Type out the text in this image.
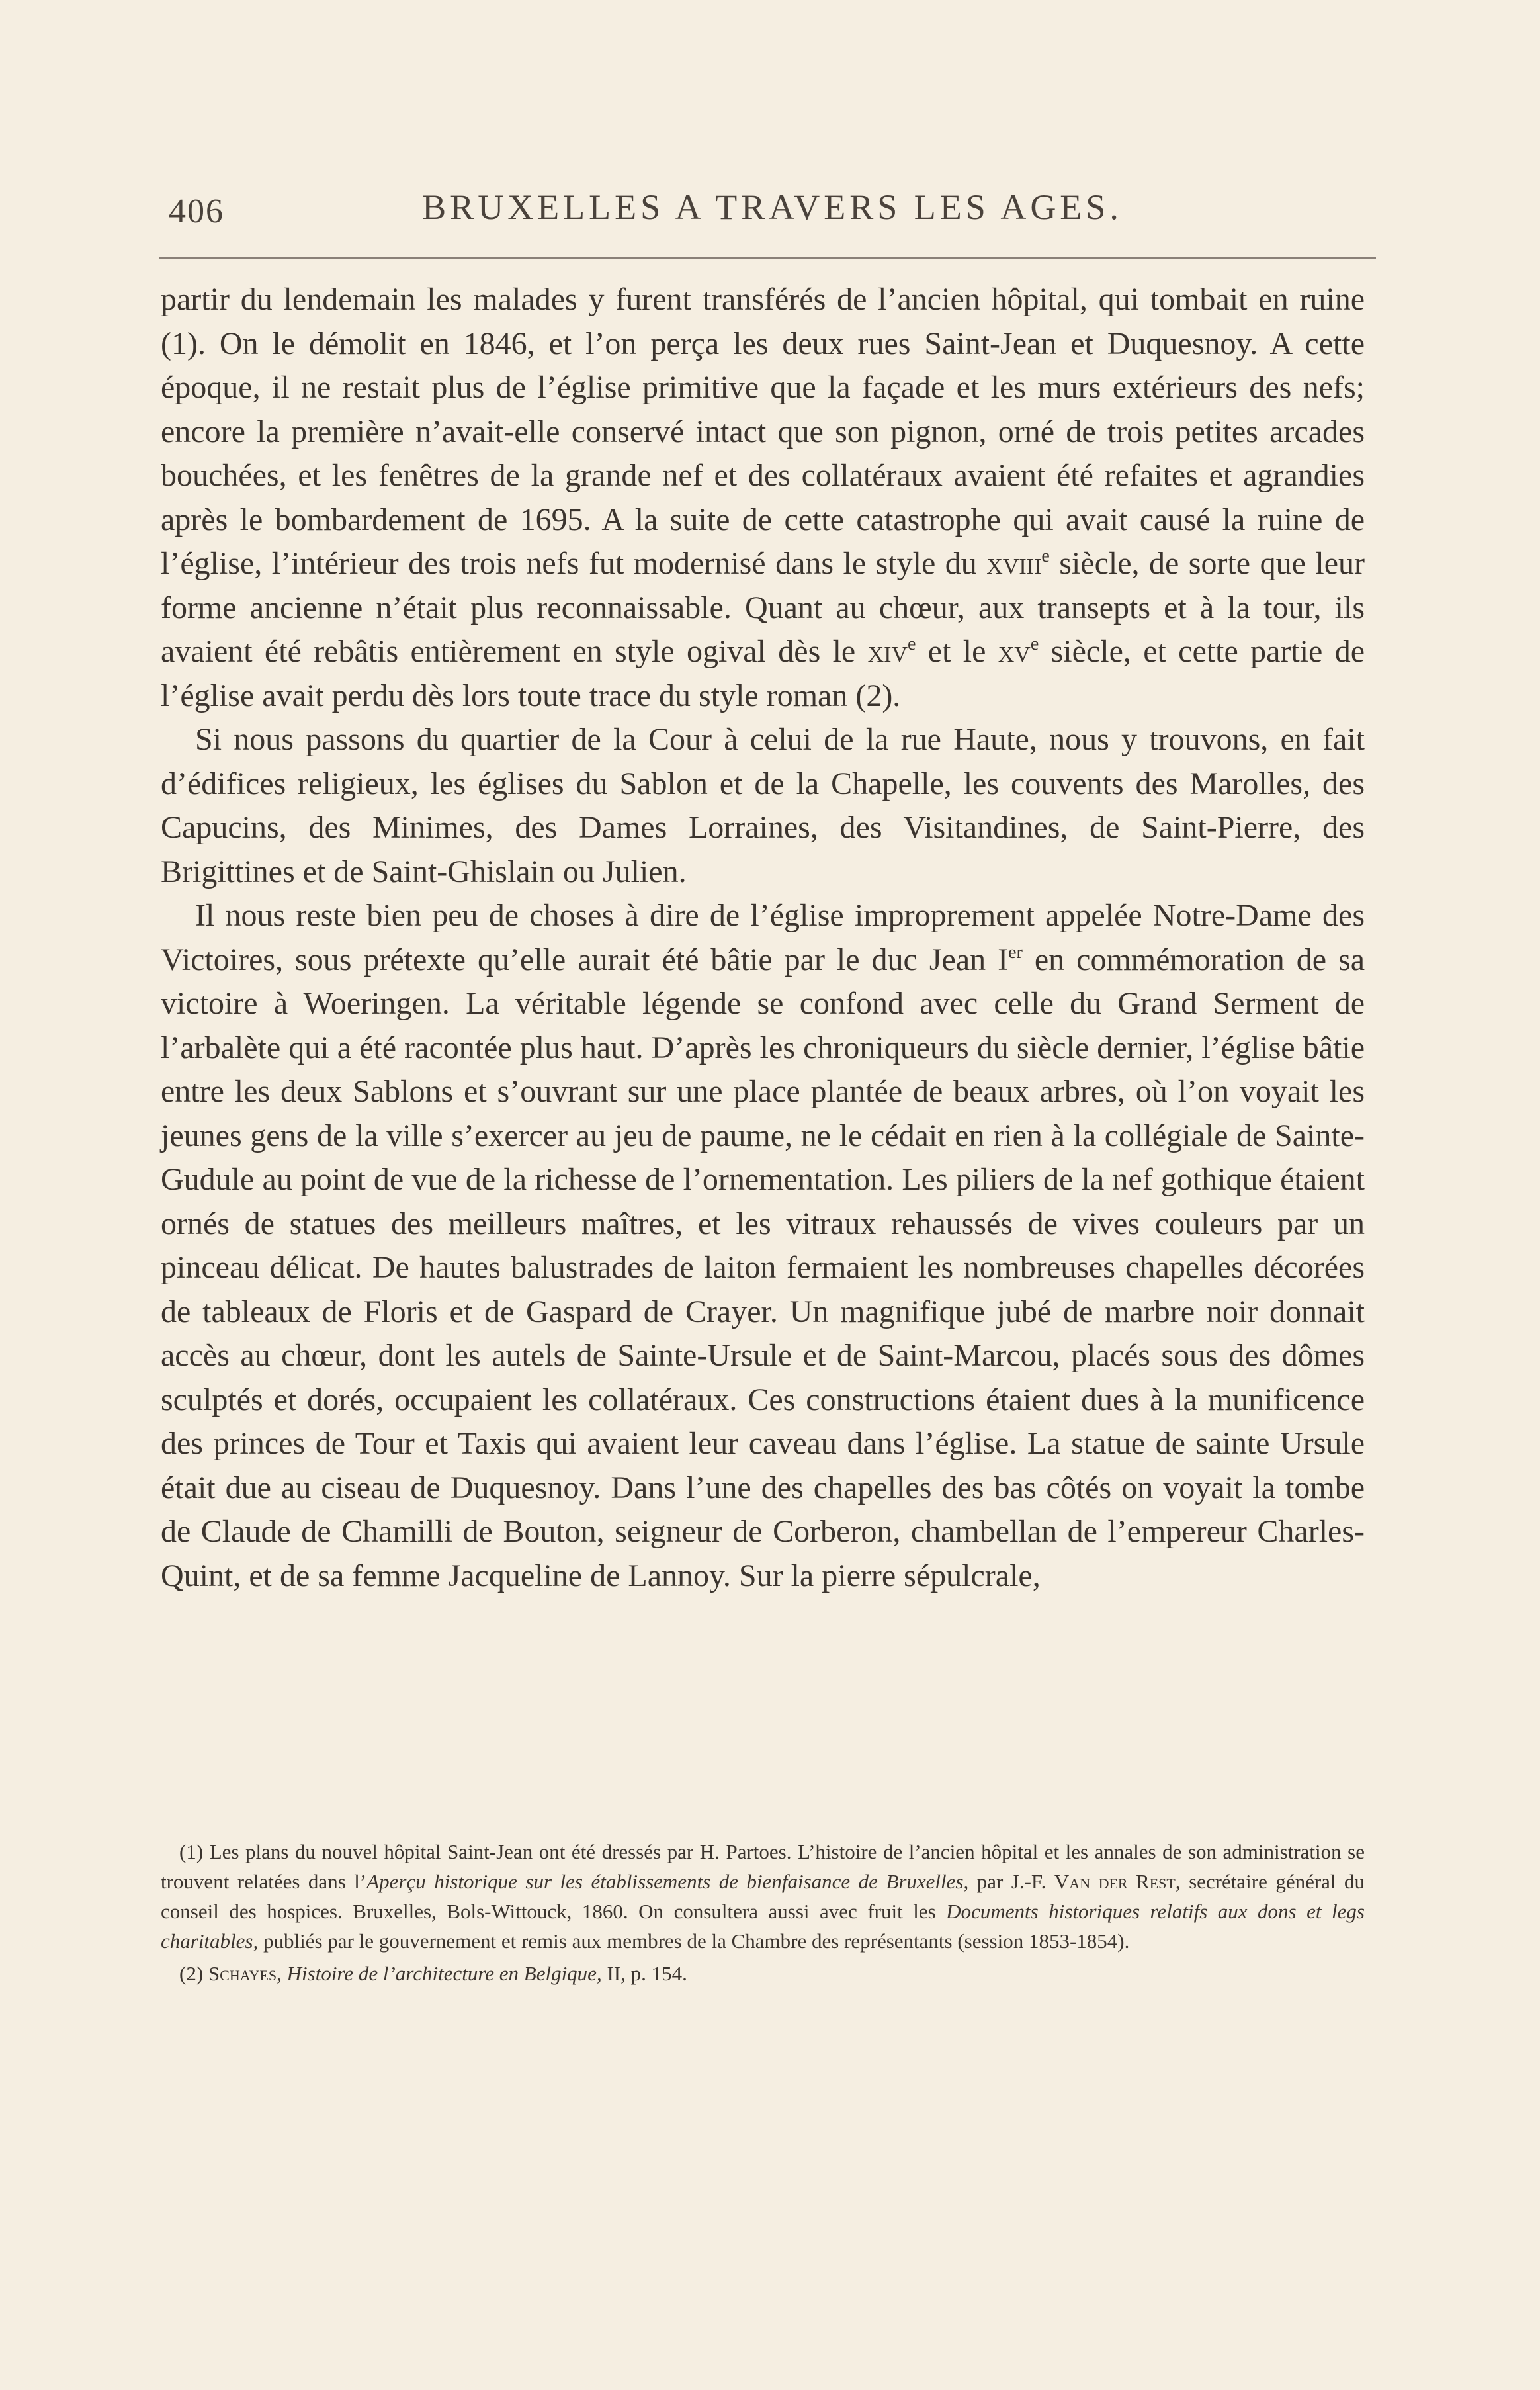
406	BRUXELLES A TRAVERS LES AGES.

partir du lendemain les malades y furent transférés de l’ancien hôpital, qui tombait en ruine (1). On le démolit en 1846, et l’on perça les deux rues Saint-Jean et Duquesnoy. A cette époque, il ne restait plus de l’église primitive que la façade et les murs extérieurs des nefs; encore la première n’avait-elle conservé intact que son pignon, orné de trois petites arcades bouchées, et les fenêtres de la grande nef et des collatéraux avaient été refaites et agrandies après le bombardement de 1695. A la suite de cette catastrophe qui avait causé la ruine de l’église, l’intérieur des trois nefs fut modernisé dans le style du xviii$^e$ siècle, de sorte que leur forme ancienne n’était plus reconnaissable. Quant au chœur, aux transepts et à la tour, ils avaient été rebâtis entièrement en style ogival dès le xiv$^e$ et le $xv^e$ siècle, et cette partie de l’église avait perdu dès lors toute trace du style roman (2).

Si nous passons du quartier de la Cour à celui de la rue Haute, nous y trouvons, en fait d’édifices religieux, les églises du Sablon et de la Chapelle, les couvents des Marolles, des Capucins, des Minimes, des Dames Lorraines, des Visitandines, de Saint-Pierre, des Brigittines et de Saint-Ghislain ou Julien.

Il nous reste bien peu de choses à dire de l’église improprement appelée Notre-Dame des Victoires, sous prétexte qu’elle aurait été bâtie par le duc Jean Ier en commémoration de sa victoire à Woeringen. La véritable légende se confond avec celle du Grand Serment de l’arbalète qui a été racontée plus haut. D’après les chroniqueurs du siècle dernier, l’église bâtie entre les deux Sablons et s’ouvrant sur une place plantée de beaux arbres, où l’on voyait les jeunes gens de la ville s’exercer au jeu de paume, ne le cédait en rien à la collégiale de Sainte-Gudule au point de vue de la richesse de l’ornementation. Les piliers de la nef gothique étaient ornés de statues des meilleurs maîtres, et les vitraux rehaussés de vives couleurs par un pinceau délicat. De hautes balustrades de laiton fermaient les nombreuses chapelles décorées de tableaux de Floris et de Gaspard de Crayer. Un magnifique jubé de marbre noir donnait accès au chœur, dont les autels de Sainte-Ursule et de Saint-Marcou, placés sous des dômes sculptés et dorés, occupaient les collatéraux. Ces constructions étaient dues à la munificence des princes de Tour et Taxis qui avaient leur caveau dans l’église. La statue de sainte Ursule était due au ciseau de Duquesnoy. Dans l’une des chapelles des bas côtés on voyait la tombe de Claude de Chamilli de Bouton, seigneur de Corberon, chambellan de l’empereur Charles-Quint, et de sa femme Jacqueline de Lannoy. Sur la pierre sépulcrale,

(1) Les plans du nouvel hôpital Saint-Jean ont été dressés par H. Partoes. L’histoire de l’ancien hôpital et les annales de son administration se trouvent relatées dans l’Aperçu historique sur les établissements de bienfaisance de Bruxelles, par J.-F. Van der Rest, secrétaire général du conseil des hospices. Bruxelles, Bols-Wittouck, 1860. On consultera aussi avec fruit les Documents historiques relatifs aux dons et legs charitables, publiés par le gouvernement et remis aux membres de la Chambre des représentants (session 1853-1854).

(2) Schayes, Histoire de l’architecture en Belgique, II, p. 154.
